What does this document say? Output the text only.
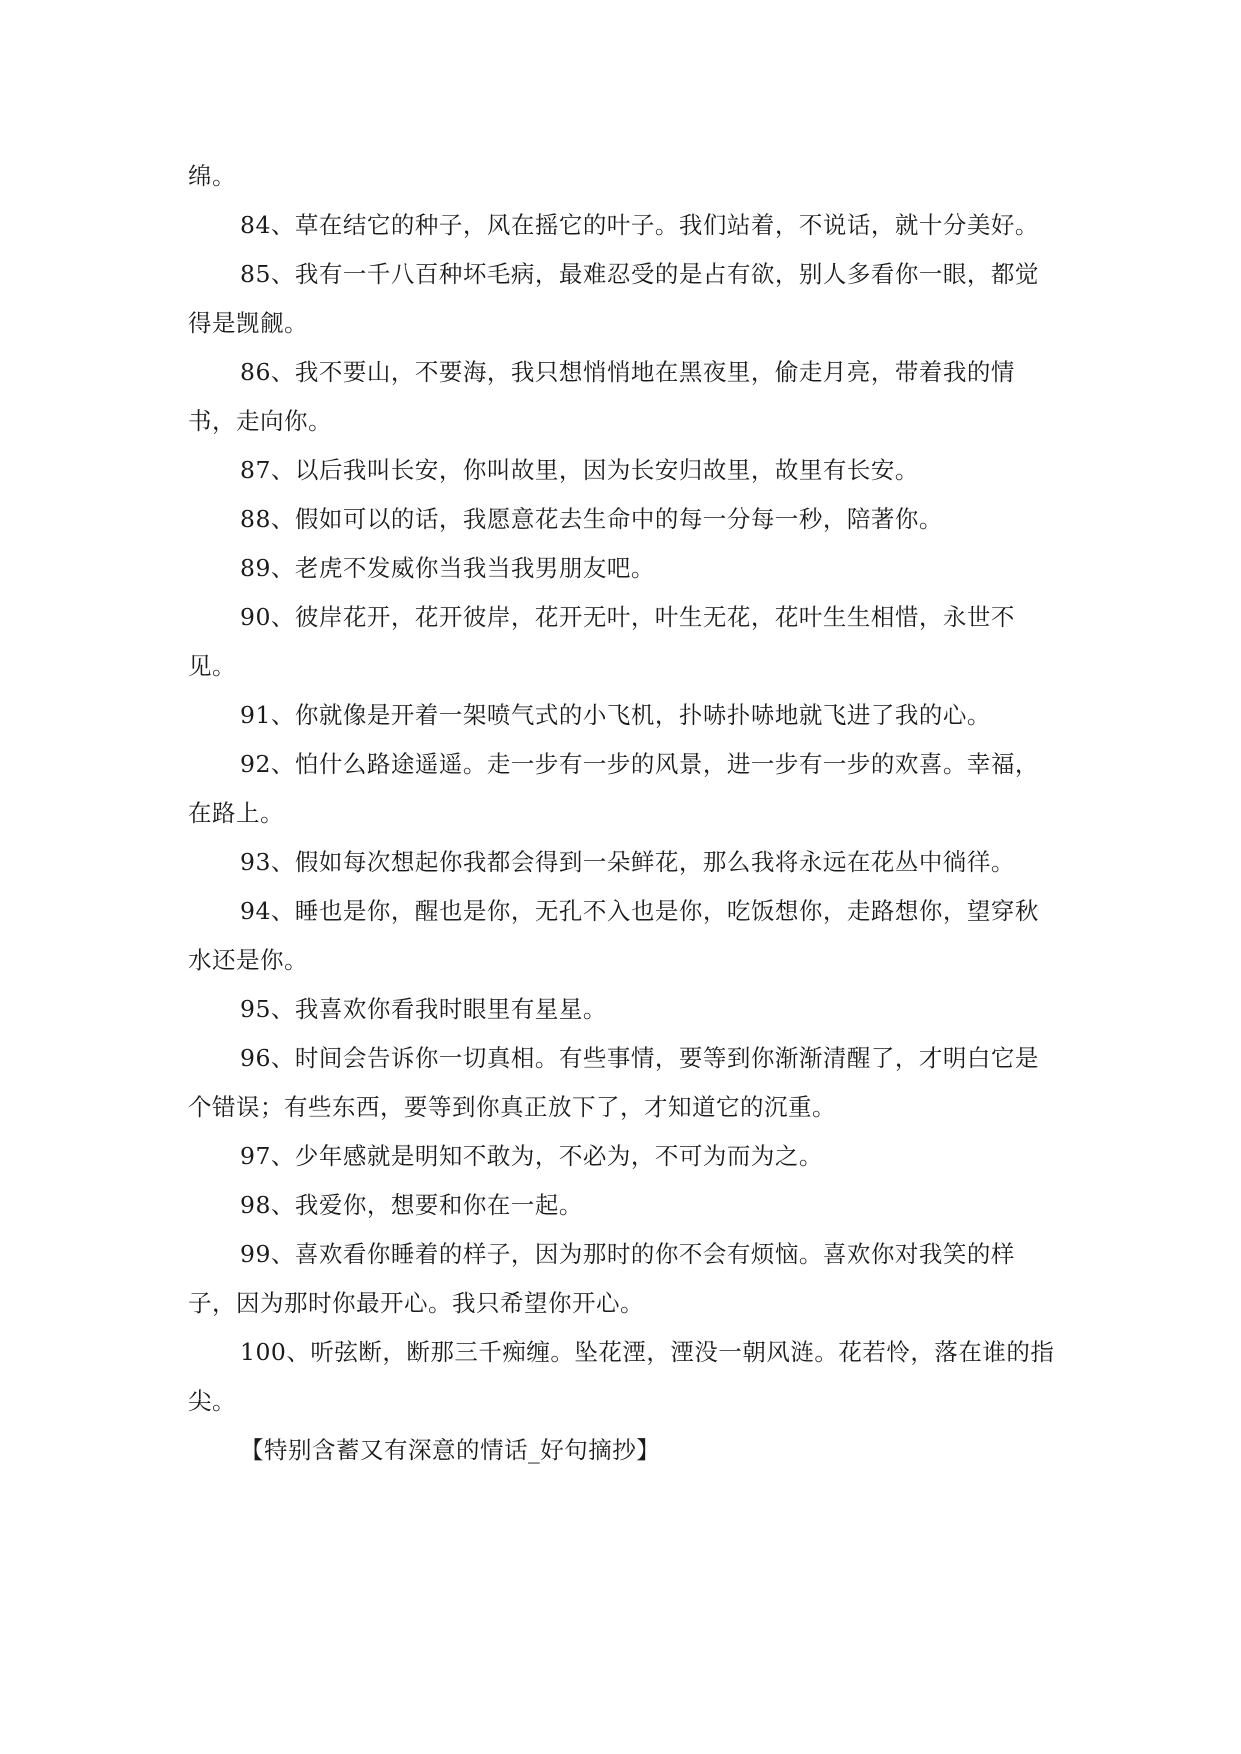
绵。

84、草在结它的种子，风在摇它的叶子。我们站着，不说话，就十分美好。

85、我有一千八百种坏毛病，最难忍受的是占有欲，别人多看你一眼，都觉得是觊觎。

86、我不要山，不要海，我只想悄悄地在黑夜里，偷走月亮，带着我的情书，走向你。

87、以后我叫长安，你叫故里，因为长安归故里，故里有长安。

88、假如可以的话，我愿意花去生命中的每一分每一秒，陪著你。

89、老虎不发威你当我当我男朋友吧。

90、彼岸花开，花开彼岸，花开无叶，叶生无花，花叶生生相惜，永世不见。

91、你就像是开着一架喷气式的小飞机，扑哧扑哧地就飞进了我的心。

92、怕什么路途遥遥。走一步有一步的风景，进一步有一步的欢喜。幸福，在路上。

93、假如每次想起你我都会得到一朵鲜花，那么我将永远在花丛中徜徉。

94、睡也是你，醒也是你，无孔不入也是你，吃饭想你，走路想你，望穿秋水还是你。

95、我喜欢你看我时眼里有星星。

96、时间会告诉你一切真相。有些事情，要等到你渐渐清醒了，才明白它是个错误；有些东西，要等到你真正放下了，才知道它的沉重。

97、少年感就是明知不敢为，不必为，不可为而为之。

98、我爱你，想要和你在一起。

99、喜欢看你睡着的样子，因为那时的你不会有烦恼。喜欢你对我笑的样子，因为那时你最开心。我只希望你开心。

100、听弦断，断那三千痴缠。坠花湮，湮没一朝风涟。花若怜，落在谁的指尖。

【特别含蓄又有深意的情话_好句摘抄】
